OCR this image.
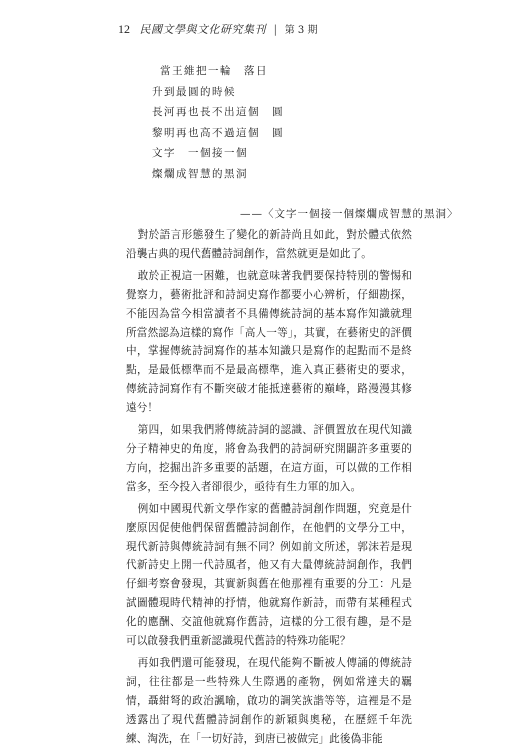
12 民國文學與文化研究集刊 | 第 3 期
當王維把一輪　落日
升到最圓的時候
長河再也長不出這個　圓
黎明再也高不過這個　圓
文字　一個接一個
燦爛成智慧的黑洞
——〈文字一個接一個燦爛成智慧的黑洞〉

對於語言形態發生了變化的新詩尚且如此，對於體式依然沿襲古典的現代舊體詩詞創作，當然就更是如此了。

敢於正視這一困難，也就意味著我們要保持特別的警惕和覺察力，藝術批評和詩詞史寫作都要小心辨析，仔細勘探，不能因為當今相當讀者不具備傳統詩詞的基本寫作知識就理所當然認為這樣的寫作「高人一等」，其實，在藝術史的評價中，掌握傳統詩詞寫作的基本知識只是寫作的起點而不是終點，是最低標準而不是最高標準，進入真正藝術史的要求，傳統詩詞寫作有不斷突破才能抵達藝術的巔峰，路漫漫其修遠兮！

第四，如果我們將傳統詩詞的認識、評價置放在現代知識分子精神史的角度，將會為我們的詩詞研究開闢許多重要的方向，挖掘出許多重要的話題，在這方面，可以做的工作相當多，至今投入者卻很少，亟待有生力軍的加入。

例如中國現代新文學作家的舊體詩詞創作問題，究竟是什麼原因促使他們保留舊體詩詞創作，在他們的文學分工中，現代新詩與傳統詩詞有無不同？例如前文所述，郭沫若是現代新詩史上開一代詩風者，他又有大量傳統詩詞創作，我們仔細考察會發現，其實新與舊在他那裡有重要的分工：凡是試圖體現時代精神的抒情，他就寫作新詩，而帶有某種程式化的應酬、交誼他就寫作舊詩，這樣的分工很有趣，是不是可以啟發我們重新認識現代舊詩的特殊功能呢？

再如我們還可能發現，在現代能夠不斷被人傳誦的傳統詩詞，往往都是一些特殊人生際遇的產物，例如常達夫的羈情，聶紺弩的政治諷喻，啟功的調笑詼諧等等，這裡是不是透露出了現代舊體詩詞創作的新穎與奧秘，在歷經千年洗練、淘洗，在「一切好詩，到唐已被做完」此後偽非能
